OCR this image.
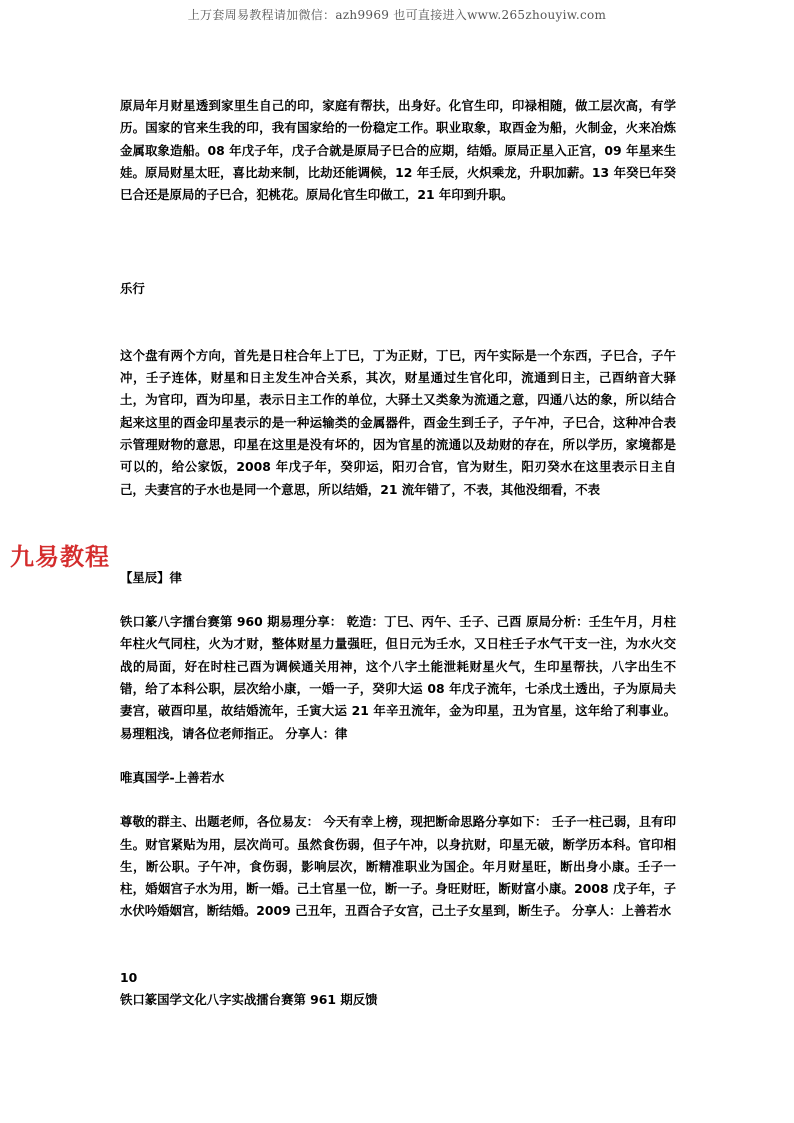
上万套周易教程请加微信：azh9969 也可直接进入www.265zhouyiw.com

原局年月财星透到家里生自己的印，家庭有帮扶，出身好。化官生印，印禄相随，做工层次高，有学历。国家的官来生我的印，我有国家给的一份稳定工作。职业取象，取酉金为船，火制金，火来冶炼金属取象造船。08 年戊子年，戊子合就是原局子巳合的应期，结婚。原局正星入正宫，09 年星来生娃。原局财星太旺，喜比劫来制，比劫还能调候，12 年壬辰，火炽乘龙，升职加薪。13 年癸巳年癸巳合还是原局的子巳合，犯桃花。原局化官生印做工，21 年印到升职。

乐行

这个盘有两个方向，首先是日柱合年上丁巳，丁为正财，丁巳，丙午实际是一个东西，子巳合，子午冲，壬子连体，财星和日主发生冲合关系，其次，财星通过生官化印，流通到日主，己酉纳音大驿土，为官印，酉为印星，表示日主工作的单位，大驿土又类象为流通之意，四通八达的象，所以结合起来这里的酉金印星表示的是一种运输类的金属器件，酉金生到壬子，子午冲，子巳合，这种冲合表示管理财物的意思，印星在这里是没有坏的，因为官星的流通以及劫财的存在，所以学历，家境都是可以的，给公家饭，2008 年戊子年，癸卯运，阳刃合官，官为财生，阳刃癸水在这里表示日主自己，夫妻宫的子水也是同一个意思，所以结婚，21 流年错了，不表，其他没细看，不表

【星辰】律

铁口篆八字擂台赛第 960 期易理分享： 乾造：丁巳、丙午、壬子、己酉 原局分析：壬生午月，月柱年柱火气同柱，火为才财，整体财星力量强旺，但日元为壬水，又日柱壬子水气干支一注，为水火交战的局面，好在时柱己酉为调候通关用神，这个八字土能泄耗财星火气，生印星帮扶，八字出生不错，给了本科公职，层次给小康，一婚一子，癸卯大运 08 年戊子流年，七杀戊土透出，子为原局夫妻宫，破酉印星，故结婚流年，壬寅大运 21 年辛丑流年，金为印星，丑为官星，这年给了利事业。易理粗浅，请各位老师指正。 分享人：律

唯真国学-上善若水

尊敬的群主、出题老师，各位易友： 今天有幸上榜，现把断命思路分享如下： 壬子一柱己弱，且有印生。财官紧贴为用，层次尚可。虽然食伤弱，但子午冲，以身抗财，印星无破，断学历本科。官印相生，断公职。子午冲，食伤弱，影响层次，断精准职业为国企。年月财星旺，断出身小康。壬子一柱，婚姻宫子水为用，断一婚。己土官星一位，断一子。身旺财旺，断财富小康。2008 戊子年，子水伏吟婚姻宫，断结婚。2009 己丑年，丑酉合子女宫，己土子女星到，断生子。 分享人：上善若水

10

铁口篆国学文化八字实战擂台赛第 961 期反馈

九易教程
